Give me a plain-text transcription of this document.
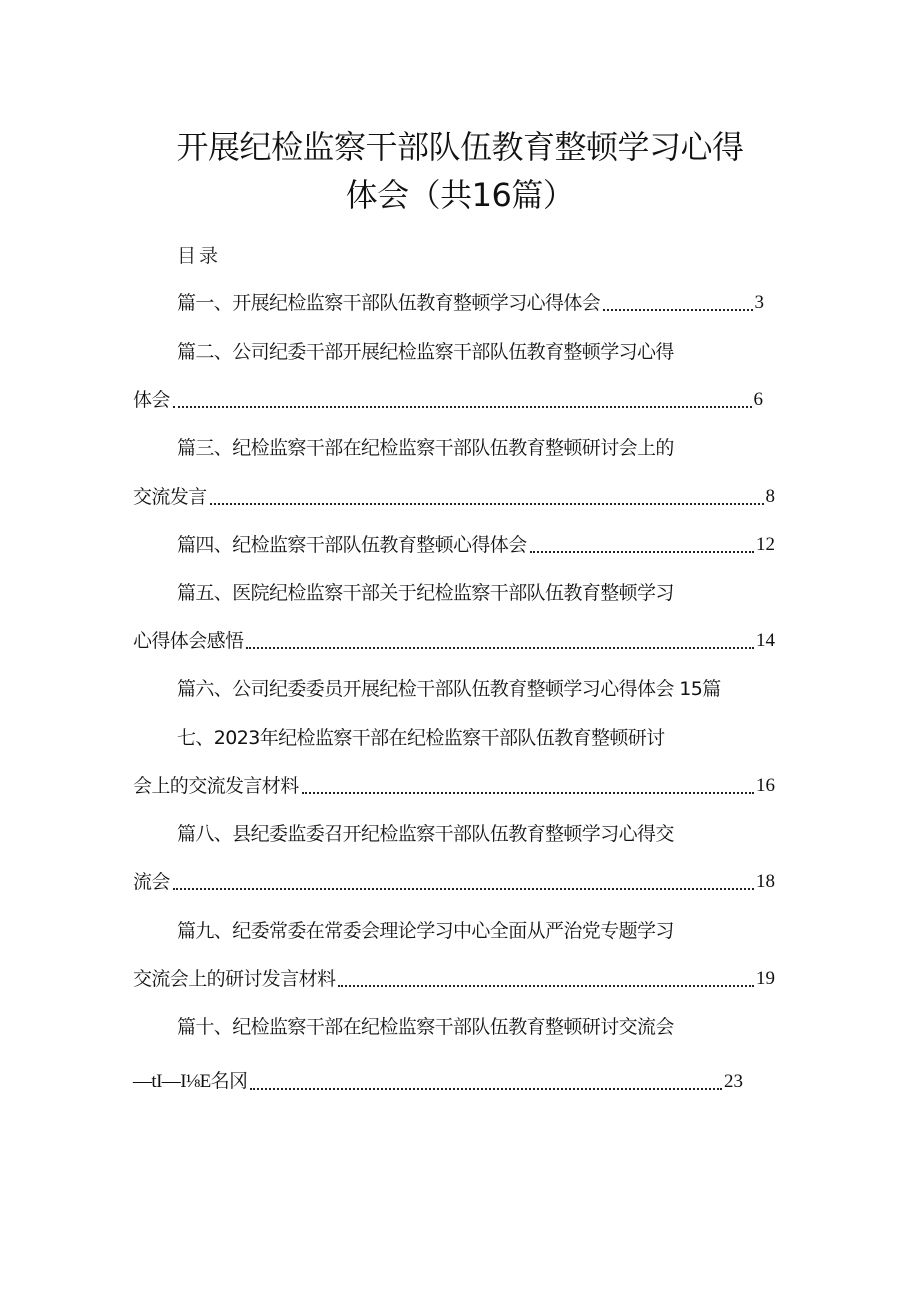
开展纪检监察干部队伍教育整顿学习心得
体会（共16篇）
目录
篇一、开展纪检监察干部队伍教育整顿学习心得体会	3
篇二、公司纪委干部开展纪检监察干部队伍教育整顿学习心得
体会	6
篇三、纪检监察干部在纪检监察干部队伍教育整顿研讨会上的
交流发言	8
篇四、纪检监察干部队伍教育整顿心得体会	12
篇五、医院纪检监察干部关于纪检监察干部队伍教育整顿学习
心得体会感悟	14
篇六、公司纪委委员开展纪检干部队伍教育整顿学习心得体会 15篇
七、2023年纪检监察干部在纪检监察干部队伍教育整顿研讨
会上的交流发言材料	16
篇八、县纪委监委召开纪检监察干部队伍教育整顿学习心得交
流会	18
篇九、纪委常委在常委会理论学习中心全面从严治党专题学习
交流会上的研讨发言材料	19
篇十、纪检监察干部在纪检监察干部队伍教育整顿研讨交流会
—tI—I⅛E名冈	23
